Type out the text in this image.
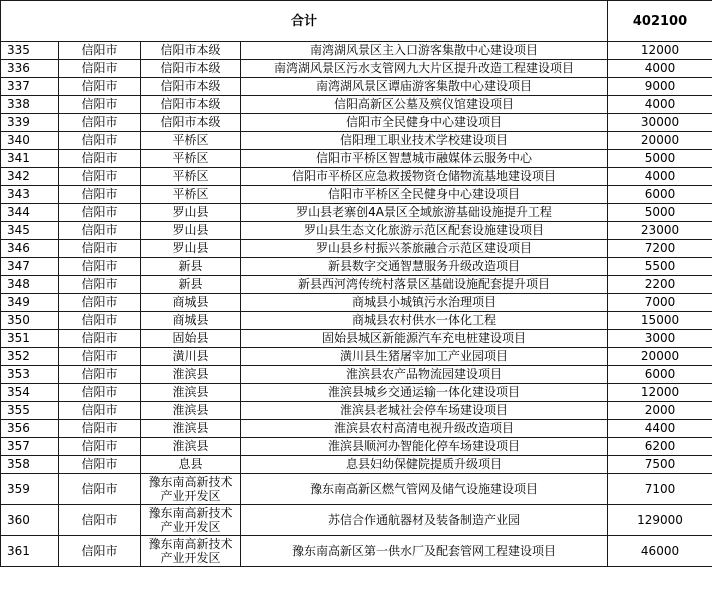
合计				402100
335	信阳市	信阳市本级	南湾湖风景区主入口游客集散中心建设项目	12000
336	信阳市	信阳市本级	南湾湖风景区污水支管网九大片区提升改造工程建设项目	4000
337	信阳市	信阳市本级	南湾湖风景区谭庙游客集散中心建设项目	9000
338	信阳市	信阳市本级	信阳高新区公墓及殡仪馆建设项目	4000
339	信阳市	信阳市本级	信阳市全民健身中心建设项目	30000
340	信阳市	平桥区	信阳理工职业技术学校建设项目	20000
341	信阳市	平桥区	信阳市平桥区智慧城市融媒体云服务中心	5000
342	信阳市	平桥区	信阳市平桥区应急救援物资仓储物流基地建设项目	4000
343	信阳市	平桥区	信阳市平桥区全民健身中心建设项目	6000
344	信阳市	罗山县	罗山县老寨创4A景区全域旅游基础设施提升工程	5000
345	信阳市	罗山县	罗山县生态文化旅游示范区配套设施建设项目	23000
346	信阳市	罗山县	罗山县乡村振兴茶旅融合示范区建设项目	7200
347	信阳市	新县	新县数字交通智慧服务升级改造项目	5500
348	信阳市	新县	新县西河湾传统村落景区基础设施配套提升项目	2200
349	信阳市	商城县	商城县小城镇污水治理项目	7000
350	信阳市	商城县	商城县农村供水一体化工程	15000
351	信阳市	固始县	固始县城区新能源汽车充电桩建设项目	3000
352	信阳市	潢川县	潢川县生猪屠宰加工产业园项目	20000
353	信阳市	淮滨县	淮滨县农产品物流园建设项目	6000
354	信阳市	淮滨县	淮滨县城乡交通运输一体化建设项目	12000
355	信阳市	淮滨县	淮滨县老城社会停车场建设项目	2000
356	信阳市	淮滨县	淮滨县农村高清电视升级改造项目	4400
357	信阳市	淮滨县	淮滨县顺河办智能化停车场建设项目	6200
358	信阳市	息县	息县妇幼保健院提质升级项目	7500
359	信阳市	豫东南高新技术产业开发区	豫东南高新区燃气管网及储气设施建设项目	7100
360	信阳市	豫东南高新技术产业开发区	苏信合作通航器材及装备制造产业园	129000
361	信阳市	豫东南高新技术产业开发区	豫东南高新区第一供水厂及配套管网工程建设项目	46000
